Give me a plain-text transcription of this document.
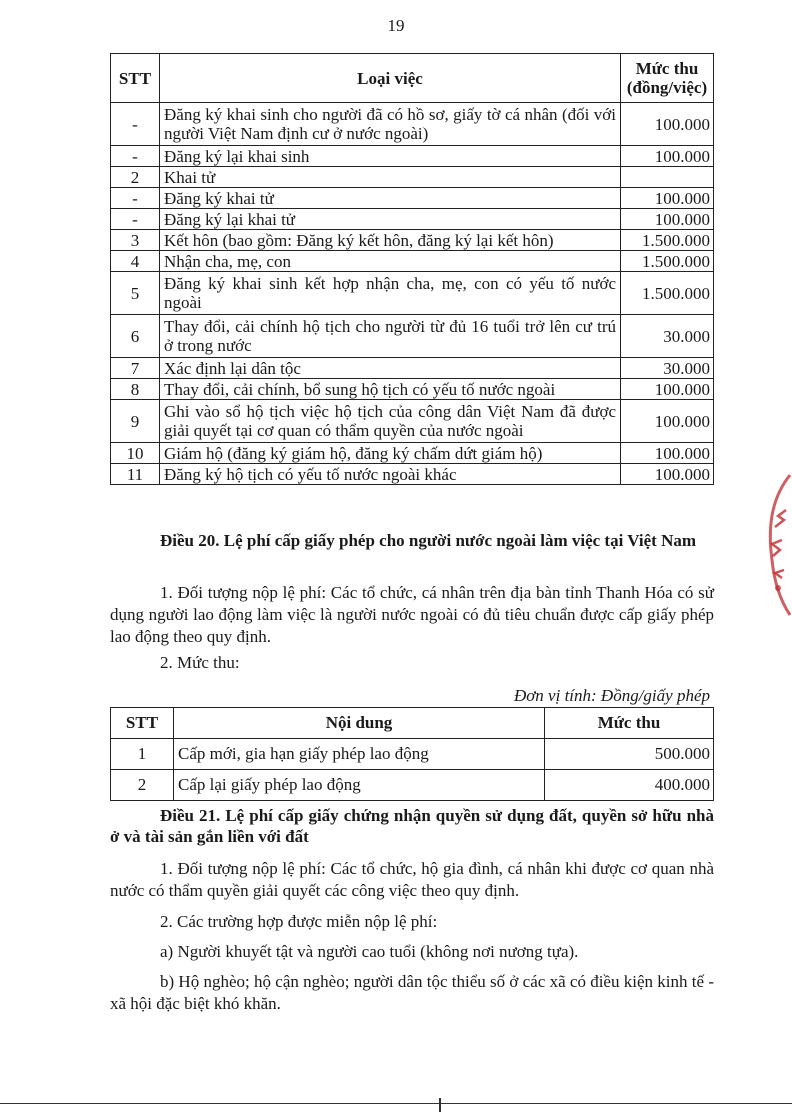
19
STT	Loại việc	Mức thu
(đồng/việc)
-	Đăng ký khai sinh cho người đã có hồ sơ, giấy tờ cá nhân (đối với người Việt Nam định cư ở nước ngoài)	100.000
-	Đăng ký lại khai sinh	100.000
2	Khai tử	
-	Đăng ký khai tử	100.000
-	Đăng ký lại khai tử	100.000
3	Kết hôn (bao gồm: Đăng ký kết hôn, đăng ký lại kết hôn)	1.500.000
4	Nhận cha, mẹ, con	1.500.000
5	Đăng ký khai sinh kết hợp nhận cha, mẹ, con có yếu tố nước ngoài	1.500.000
6	Thay đổi, cải chính hộ tịch cho người từ đủ 16 tuổi trở lên cư trú ở trong nước	30.000
7	Xác định lại dân tộc	30.000
8	Thay đổi, cải chính, bổ sung hộ tịch có yếu tố nước ngoài	100.000
9	Ghi vào sổ hộ tịch việc hộ tịch của công dân Việt Nam đã được giải quyết tại cơ quan có thẩm quyền của nước ngoài	100.000
10	Giám hộ (đăng ký giám hộ, đăng ký chấm dứt giám hộ)	100.000
11	Đăng ký hộ tịch có yếu tố nước ngoài khác	100.000
Điều 20. Lệ phí cấp giấy phép cho người nước ngoài làm việc tại Việt Nam
1. Đối tượng nộp lệ phí: Các tổ chức, cá nhân trên địa bàn tỉnh Thanh Hóa có sử dụng người lao động làm việc là người nước ngoài có đủ tiêu chuẩn được cấp giấy phép lao động theo quy định.
2. Mức thu:
Đơn vị tính: Đồng/giấy phép
STT	Nội dung	Mức thu
1	Cấp mới, gia hạn giấy phép lao động	500.000
2	Cấp lại giấy phép lao động	400.000
Điều 21. Lệ phí cấp giấy chứng nhận quyền sử dụng đất, quyền sở hữu nhà ở và tài sản gắn liền với đất
1. Đối tượng nộp lệ phí: Các tổ chức, hộ gia đình, cá nhân khi được cơ quan nhà nước có thẩm quyền giải quyết các công việc theo quy định.
2. Các trường hợp được miễn nộp lệ phí:
a) Người khuyết tật và người cao tuổi (không nơi nương tựa).
b) Hộ nghèo; hộ cận nghèo; người dân tộc thiểu số ở các xã có điều kiện kinh tế - xã hội đặc biệt khó khăn.
